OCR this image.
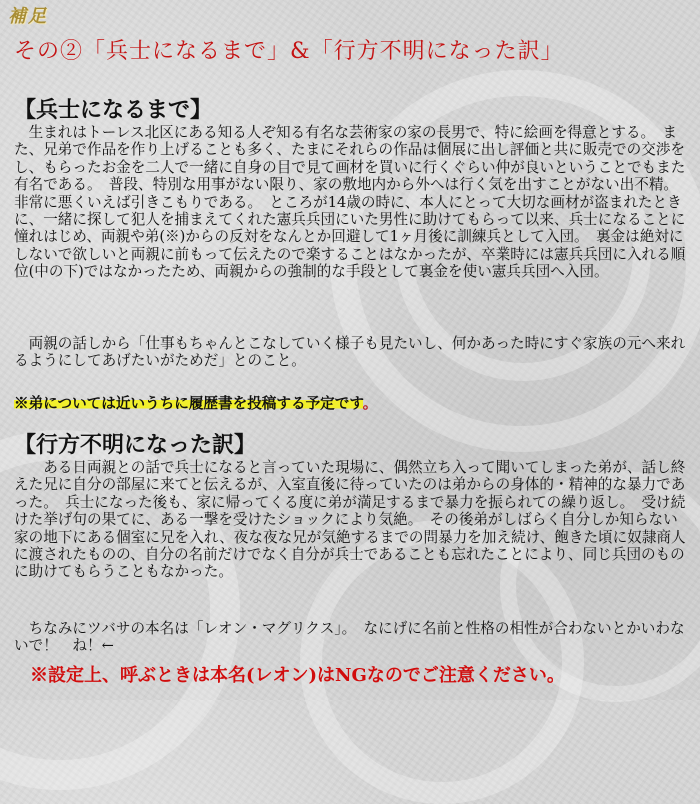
補足
その②「兵士になるまで」&「行方不明になった訳」
【兵士になるまで】

　生まれはトーレス北区にある知る人ぞ知る有名な芸術家の家の長男で、特に絵画を得意とする。　また、兄弟で作品を作り上げることも多く、たまにそれらの作品は個展に出し評価と共に販売での交渉をし、もらったお金を二人で一緒に自身の目で見て画材を買いに行くぐらい仲が良いということでもまた有名である。　普段、特別な用事がない限り、家の敷地内から外へは行く気を出すことがない出不精。　非常に悪くいえば引きこもりである。　ところが14歳の時に、本人にとって大切な画材が盗まれたときに、一緒に探して犯人を捕まえてくれた憲兵兵団にいた男性に助けてもらって以来、兵士になることに憧れはじめ、両親や弟(※)からの反対をなんとか回避して1ヶ月後に訓練兵として入団。　裏金は絶対にしないで欲しいと両親に前もって伝えたので楽することはなかったが、卒業時には憲兵兵団に入れる順位(中の下)ではなかったため、両親からの強制的な手段として裏金を使い憲兵兵団へ入団。

　両親の話しから「仕事もちゃんとこなしていく様子も見たいし、何かあった時にすぐ家族の元へ来れるようにしてあげたいがためだ」とのこと。

※弟については近いうちに履歴書を投稿する予定です。
【行方不明になった訳】

　　ある日両親との話で兵士になると言っていた現場に、偶然立ち入って聞いてしまった弟が、話し終えた兄に自分の部屋に来てと伝えるが、入室直後に待っていたのは弟からの身体的・精神的な暴力であった。　兵士になった後も、家に帰ってくる度に弟が満足するまで暴力を振られての繰り返し。　受け続けた挙げ句の果てに、ある一撃を受けたショックにより気絶。　その後弟がしばらく自分しか知らない家の地下にある個室に兄を入れ、夜な夜な兄が気絶するまでの問暴力を加え続け、飽きた頃に奴隷商人に渡されたものの、自分の名前だけでなく自分が兵士であることも忘れたことにより、同じ兵団のものに助けてもらうこともなかった。

　ちなみにツバサの本名は「レオン・マグリクス」。　なにげに名前と性格の相性が合わないとかいわないで！　ね！←

※設定上、呼ぶときは本名(レオン)はNGなのでご注意ください。
